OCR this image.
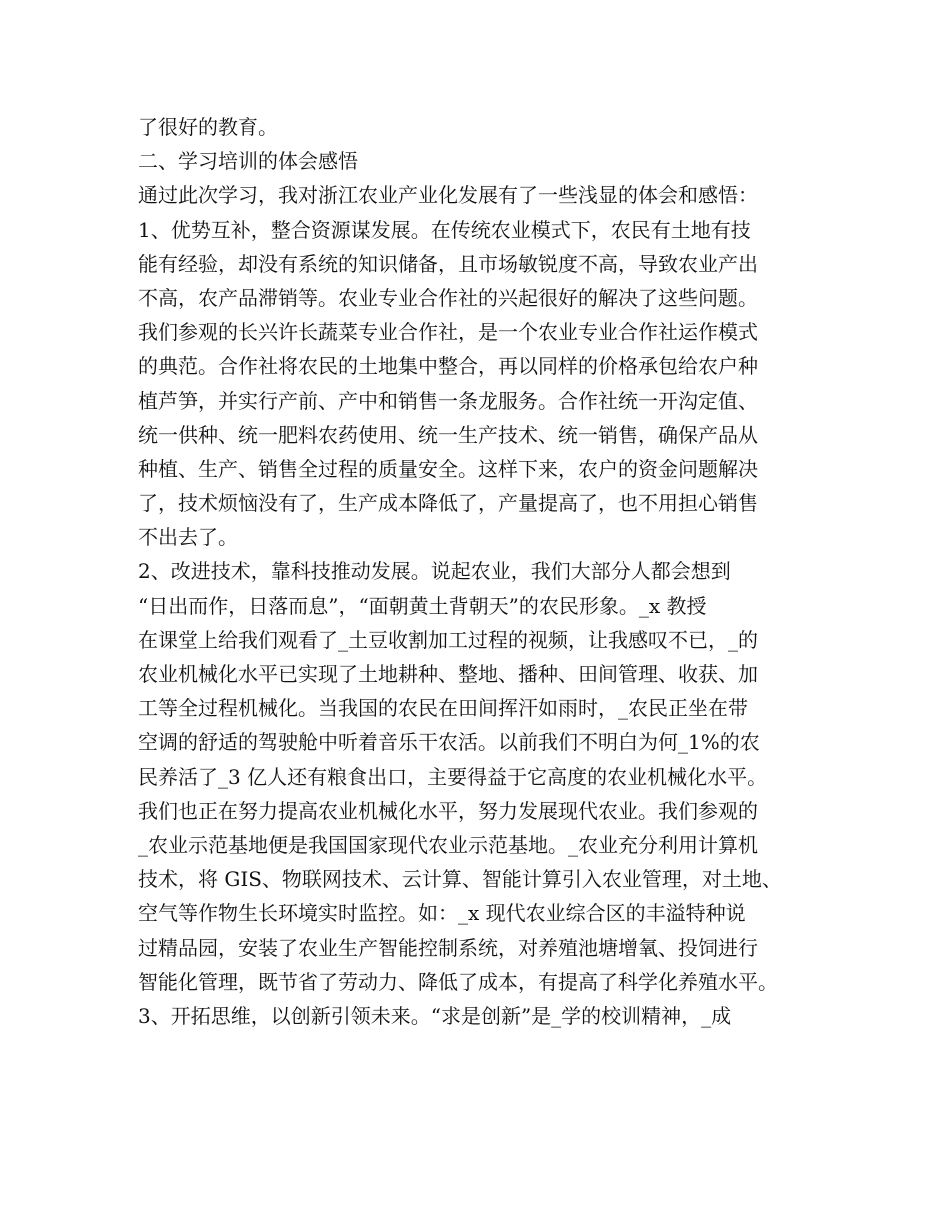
了很好的教育。
二、学习培训的体会感悟
通过此次学习，我对浙江农业产业化发展有了一些浅显的体会和感悟：
1、优势互补，整合资源谋发展。在传统农业模式下，农民有土地有技
能有经验，却没有系统的知识储备，且市场敏锐度不高，导致农业产出
不高，农产品滞销等。农业专业合作社的兴起很好的解决了这些问题。
我们参观的长兴许长蔬菜专业合作社，是一个农业专业合作社运作模式
的典范。合作社将农民的土地集中整合，再以同样的价格承包给农户种
植芦笋，并实行产前、产中和销售一条龙服务。合作社统一开沟定值、
统一供种、统一肥料农药使用、统一生产技术、统一销售，确保产品从
种植、生产、销售全过程的质量安全。这样下来，农户的资金问题解决
了，技术烦恼没有了，生产成本降低了，产量提高了，也不用担心销售
不出去了。
2、改进技术，靠科技推动发展。说起农业，我们大部分人都会想到
“日出而作，日落而息”，“面朝黄土背朝天”的农民形象。_x 教授
在课堂上给我们观看了_土豆收割加工过程的视频，让我感叹不已，_的
农业机械化水平已实现了土地耕种、整地、播种、田间管理、收获、加
工等全过程机械化。当我国的农民在田间挥汗如雨时，_农民正坐在带
空调的舒适的驾驶舱中听着音乐干农活。以前我们不明白为何_1%的农
民养活了_3 亿人还有粮食出口，主要得益于它高度的农业机械化水平。
我们也正在努力提高农业机械化水平，努力发展现代农业。我们参观的
_农业示范基地便是我国国家现代农业示范基地。_农业充分利用计算机
技术，将 GIS、物联网技术、云计算、智能计算引入农业管理，对土地、
空气等作物生长环境实时监控。如：_x 现代农业综合区的丰溢特种说
过精品园，安装了农业生产智能控制系统，对养殖池塘增氧、投饲进行
智能化管理，既节省了劳动力、降低了成本，有提高了科学化养殖水平。
3、开拓思维，以创新引领未来。“求是创新”是_学的校训精神，_成
